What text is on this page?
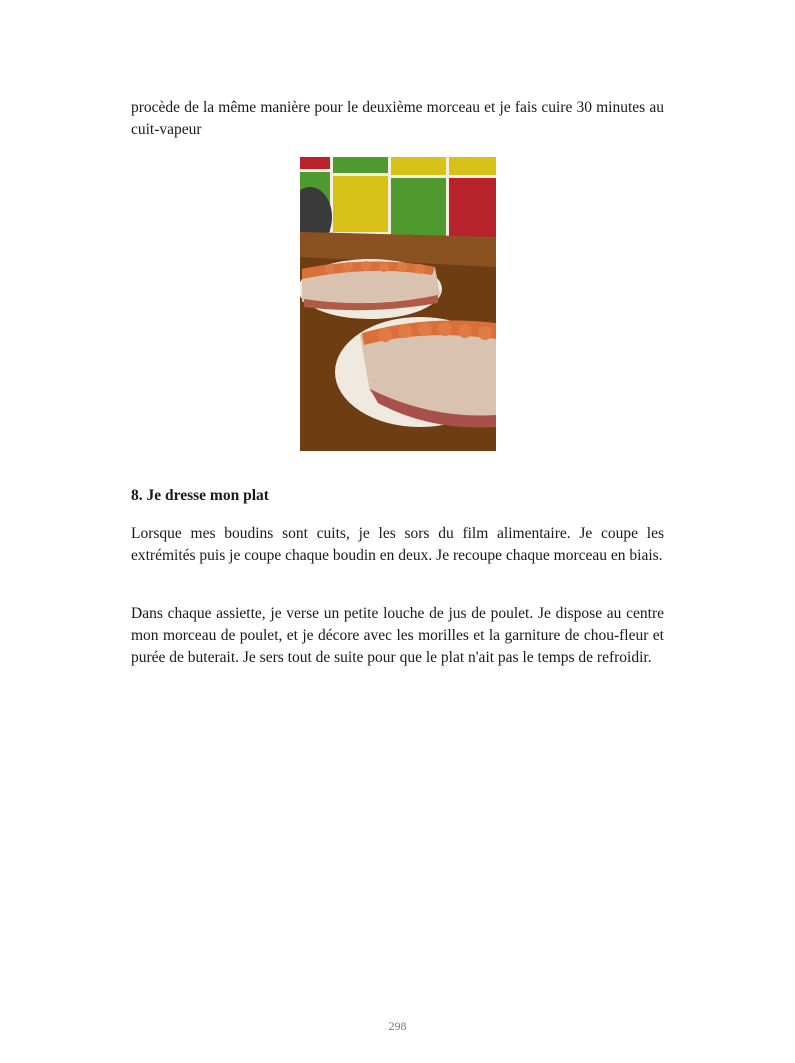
procède de la même manière pour le deuxième morceau et je fais cuire 30 minutes au cuit-vapeur

8. Je dresse mon plat

Lorsque mes boudins sont cuits, je les sors du film alimentaire. Je coupe les extrémités puis je coupe chaque boudin en deux. Je recoupe chaque morceau en biais.

Dans chaque assiette, je verse un petite louche de jus de poulet. Je dispose au centre mon morceau de poulet, et je décore avec les morilles et la garniture de chou-fleur et purée de buterait. Je sers tout de suite pour que le plat n'ait pas le temps de refroidir.

298
